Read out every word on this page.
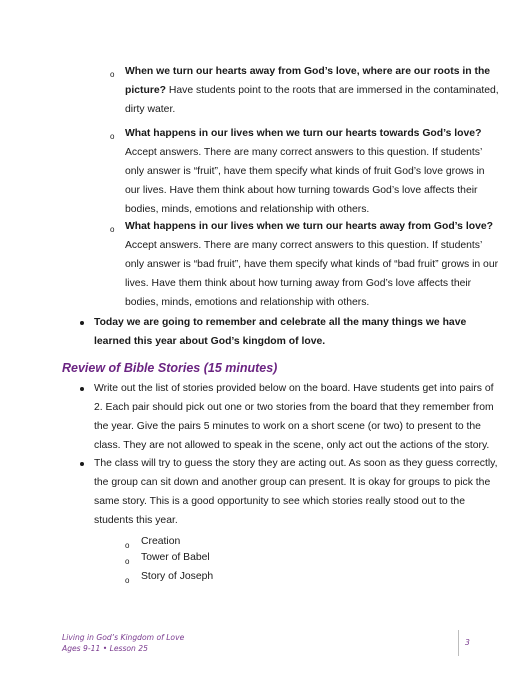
o When we turn our hearts away from God’s love, where are our roots in the
picture? Have students point to the roots that are immersed in the contaminated,
dirty water.
o What happens in our lives when we turn our hearts towards God’s love?
Accept answers. There are many correct answers to this question. If students’
only answer is “fruit”, have them specify what kinds of fruit God’s love grows in
our lives. Have them think about how turning towards God’s love affects their
bodies, minds, emotions and relationship with others.
o What happens in our lives when we turn our hearts away from God’s love?
Accept answers. There are many correct answers to this question. If students’
only answer is “bad fruit”, have them specify what kinds of “bad fruit” grows in our
lives. Have them think about how turning away from God’s love affects their
bodies, minds, emotions and relationship with others.
Today we are going to remember and celebrate all the many things we have
learned this year about God’s kingdom of love.
Review of Bible Stories (15 minutes)
Write out the list of stories provided below on the board. Have students get into pairs of
2. Each pair should pick out one or two stories from the board that they remember from
the year. Give the pairs 5 minutes to work on a short scene (or two) to present to the
class. They are not allowed to speak in the scene, only act out the actions of the story.
The class will try to guess the story they are acting out. As soon as they guess correctly,
the group can sit down and another group can present. It is okay for groups to pick the
same story. This is a good opportunity to see which stories really stood out to the
students this year.
o Creation
o Tower of Babel
o Story of Joseph
Living in God’s Kingdom of Love
Ages 9-11 • Lesson 25
3
